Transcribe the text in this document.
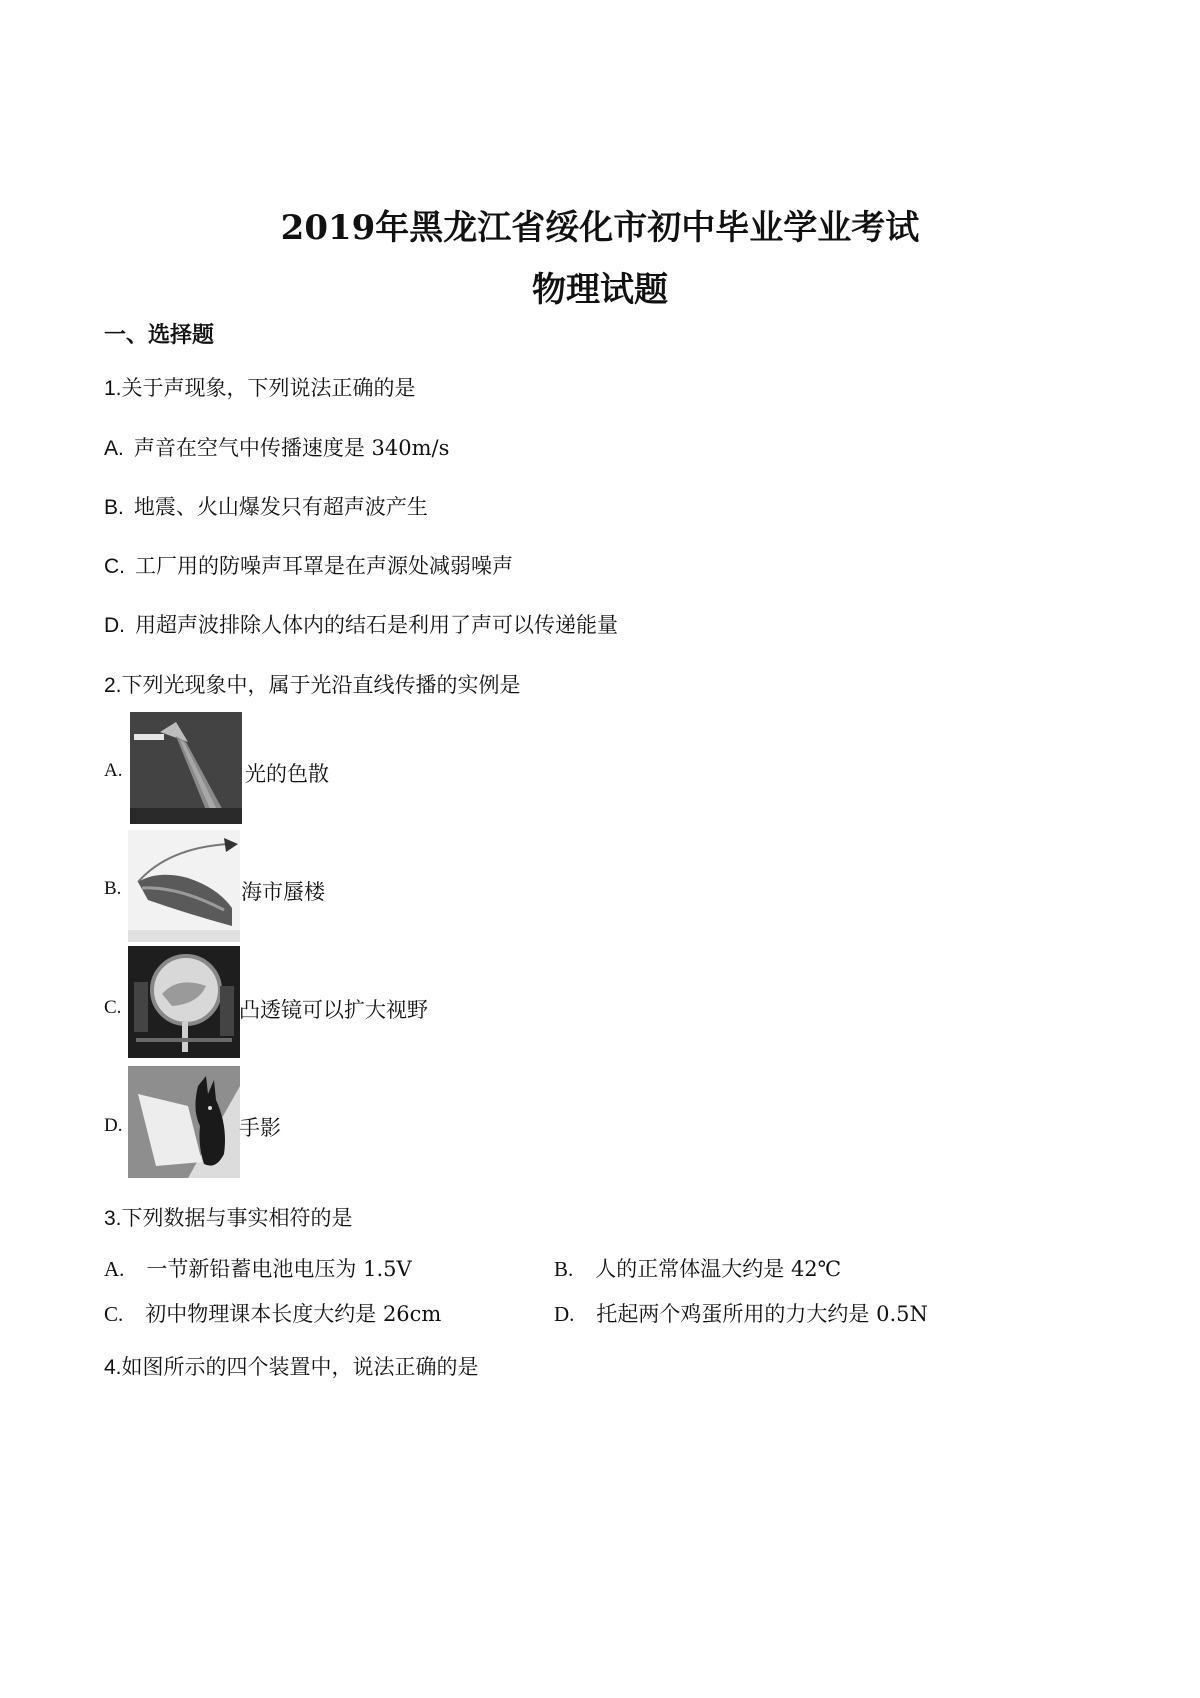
2019年黑龙江省绥化市初中毕业学业考试
物理试题
一、选择题
1.关于声现象，下列说法正确的是
A. 声音在空气中传播速度是 340m/s
B. 地震、火山爆发只有超声波产生
C. 工厂用的防噪声耳罩是在声源处减弱噪声
D. 用超声波排除人体内的结石是利用了声可以传递能量
2.下列光现象中，属于光沿直线传播的实例是
A.	光的色散
B.	海市蜃楼
C.	凸透镜可以扩大视野
D.	手影
3.下列数据与事实相符的是
A. 一节新铅蓄电池电压为 1.5V	B. 人的正常体温大约是 42℃
C. 初中物理课本长度大约是 26cm	D. 托起两个鸡蛋所用的力大约是 0.5N
4.如图所示的四个装置中，说法正确的是
